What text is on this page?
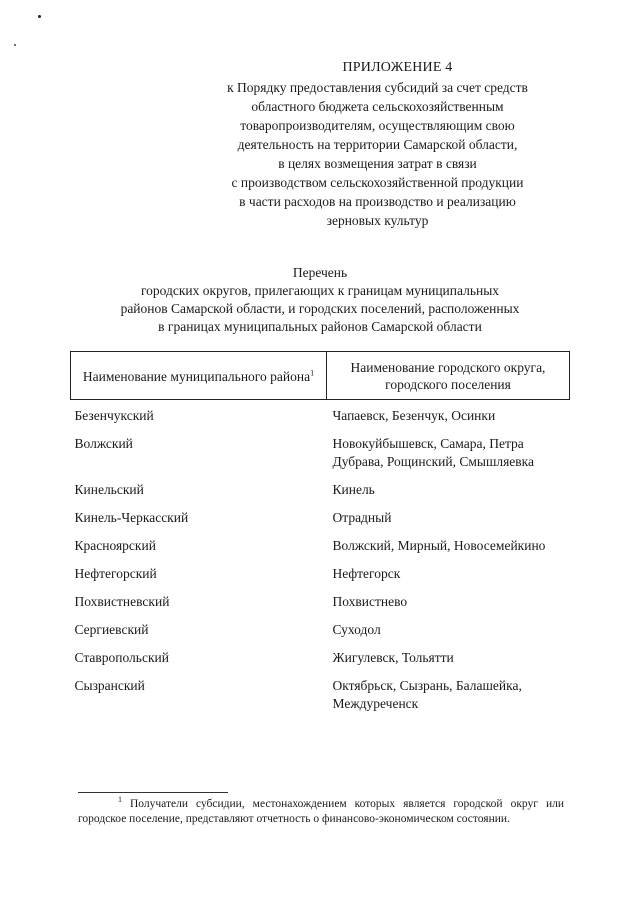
ПРИЛОЖЕНИЕ 4
к Порядку предоставления субсидий за счет средств
областного бюджета сельскохозяйственным
товаропроизводителям, осуществляющим свою
деятельность на территории Самарской области,
в целях возмещения затрат в связи
с производством сельскохозяйственной продукции
в части расходов на производство и реализацию
зерновых культур
Перечень
городских округов, прилегающих к границам муниципальных
районов Самарской области, и городских поселений, расположенных
в границах муниципальных районов Самарской области
Наименование муниципального района$^1$	Наименование городского округа, городского поселения
Безенчукский	Чапаевск, Безенчук, Осинки
Волжский	Новокуйбышевск, Самара, Петра Дубрава, Рощинский, Смышляевка
Кинельский	Кинель
Кинель-Черкасский	Отрадный
Красноярский	Волжский, Мирный, Новосемейкино
Нефтегорский	Нефтегорск
Похвистневский	Похвистнево
Сергиевский	Суходол
Ставропольский	Жигулевск, Тольятти
Сызранский	Октябрьск, Сызрань, Балашейка, Междуреченск
$^1$ Получатели субсидии, местонахождением которых является городской округ или городское поселение, представляют отчетность о финансово-экономическом состоянии.
